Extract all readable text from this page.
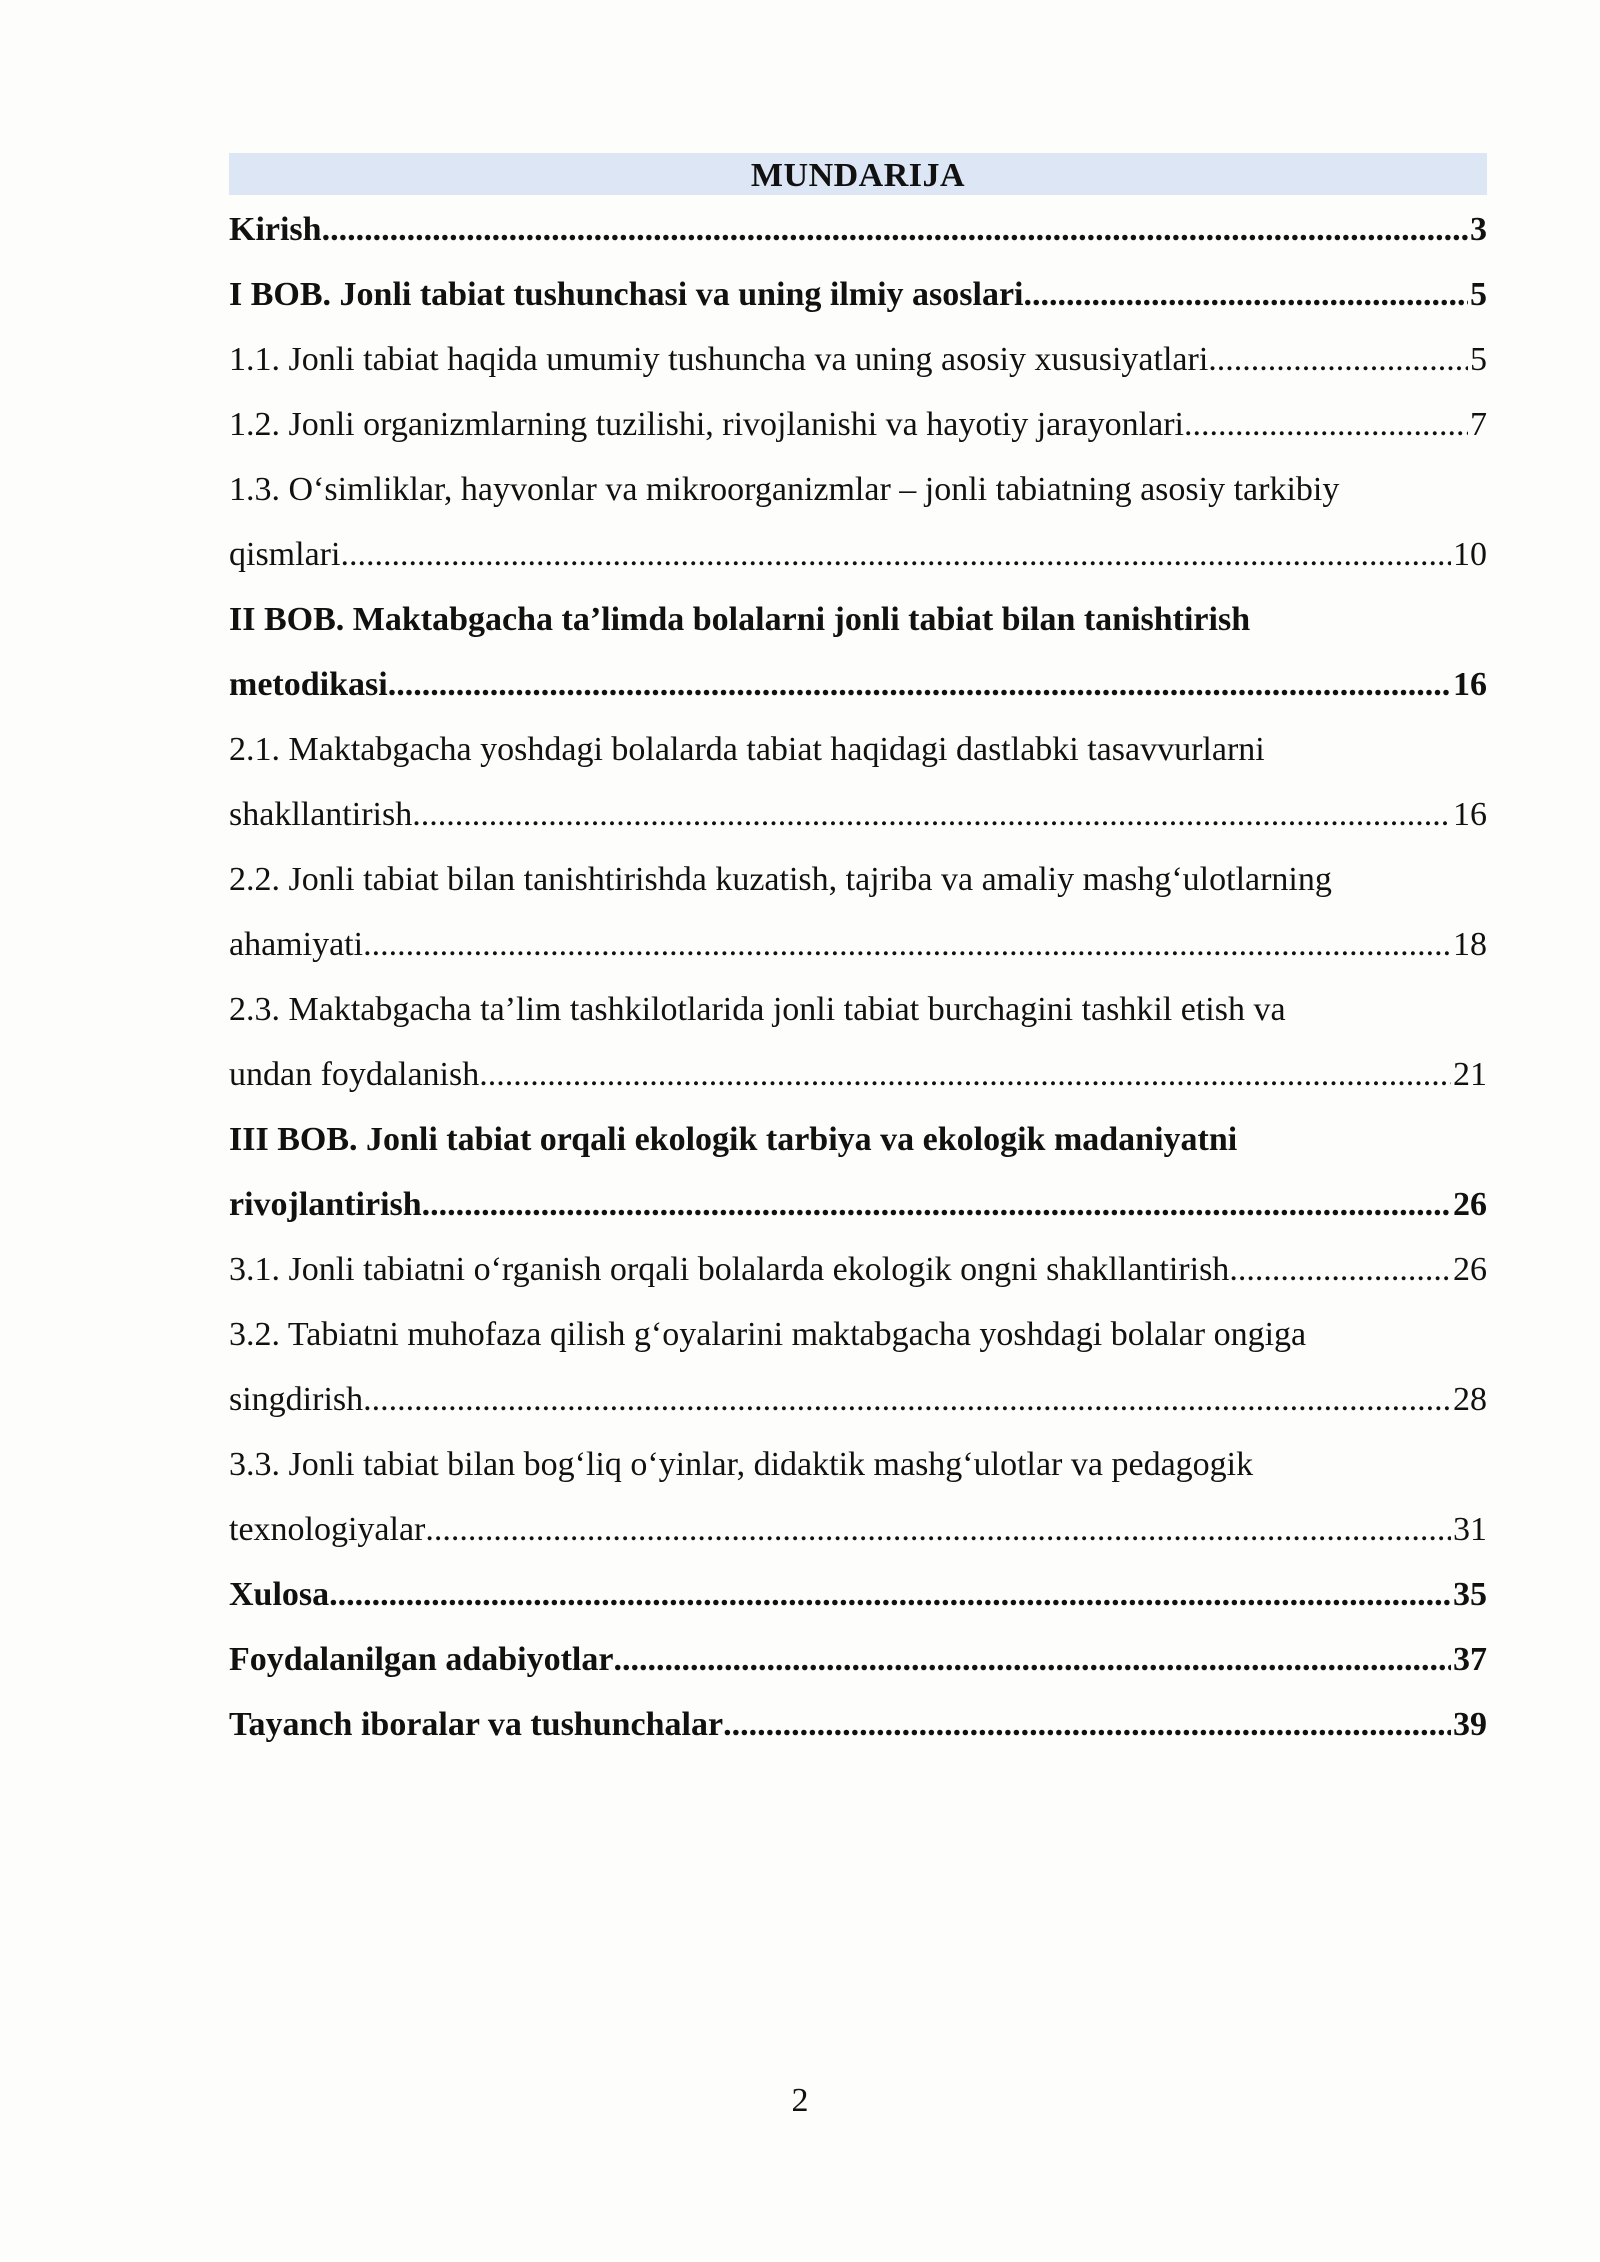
MUNDARIJA
Kirish .....	3
I BOB. Jonli tabiat tushunchasi va uning ilmiy asoslari .....	5
1.1. Jonli tabiat haqida umumiy tushuncha va uning asosiy xususiyatlari .....	5
1.2. Jonli organizmlarning tuzilishi, rivojlanishi va hayotiy jarayonlari .....	7
1.3. O‘simliklar, hayvonlar va mikroorganizmlar – jonli tabiatning asosiy tarkibiy
qismlari .....	10
II BOB. Maktabgacha ta’limda bolalarni jonli tabiat bilan tanishtirish
metodikasi .....	16
2.1. Maktabgacha yoshdagi bolalarda tabiat haqidagi dastlabki tasavvurlarni
shakllantirish .....	16
2.2. Jonli tabiat bilan tanishtirishda kuzatish, tajriba va amaliy mashg‘ulotlarning
ahamiyati .....	18
2.3. Maktabgacha ta’lim tashkilotlarida jonli tabiat burchagini tashkil etish va
undan foydalanish .....	21
III BOB. Jonli tabiat orqali ekologik tarbiya va ekologik madaniyatni
rivojlantirish .....	26
3.1. Jonli tabiatni o‘rganish orqali bolalarda ekologik ongni shakllantirish .....	26
3.2. Tabiatni muhofaza qilish g‘oyalarini maktabgacha yoshdagi bolalar ongiga
singdirish .....	28
3.3. Jonli tabiat bilan bog‘liq o‘yinlar, didaktik mashg‘ulotlar va pedagogik
texnologiyalar .....	31
Xulosa .....	35
Foydalanilgan adabiyotlar .....	37
Tayanch iboralar va tushunchalar .....	39
2
